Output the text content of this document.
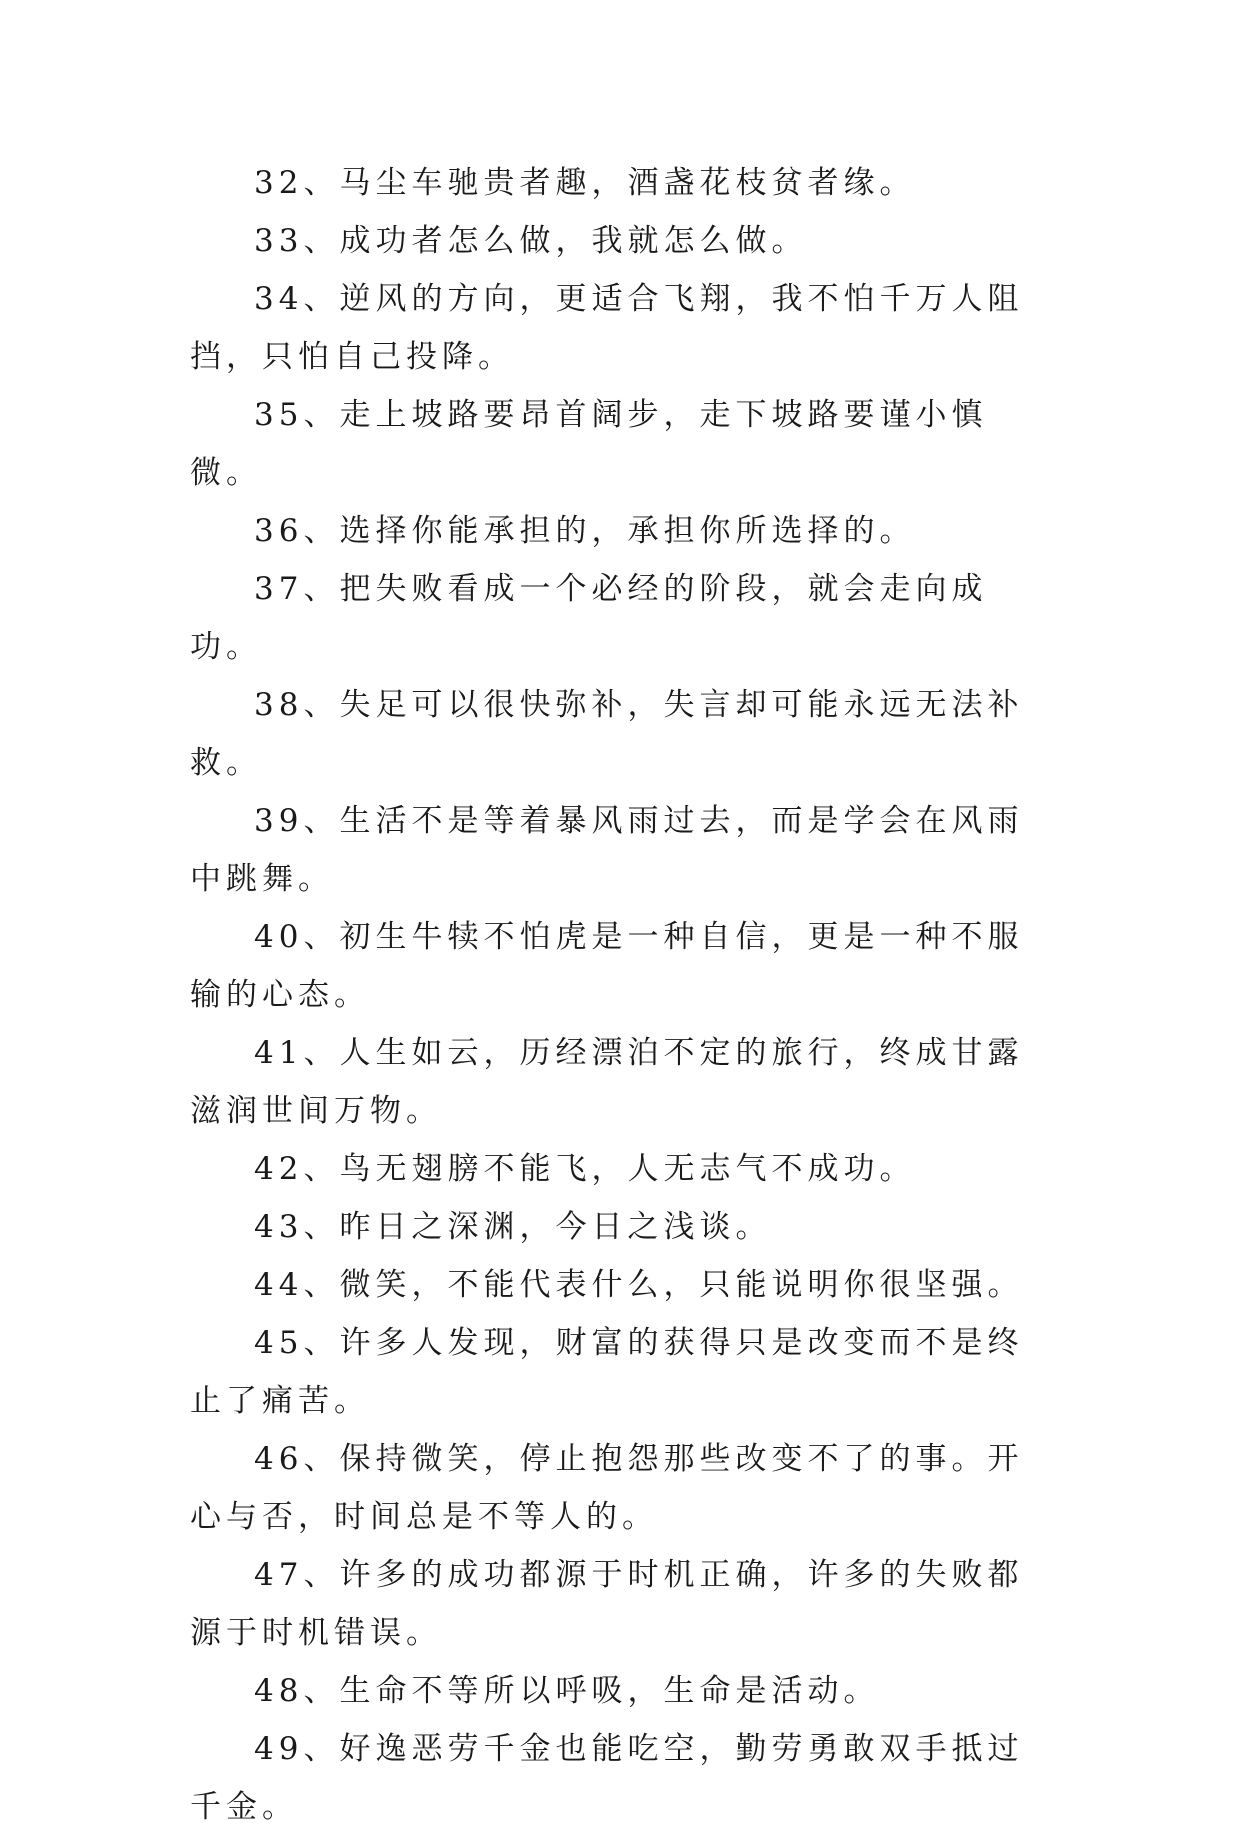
32、马尘车驰贵者趣，酒盏花枝贫者缘。

33、成功者怎么做，我就怎么做。

34、逆风的方向，更适合飞翔，我不怕千万人阻挡，只怕自己投降。

35、走上坡路要昂首阔步，走下坡路要谨小慎微。

36、选择你能承担的，承担你所选择的。

37、把失败看成一个必经的阶段，就会走向成功。

38、失足可以很快弥补，失言却可能永远无法补救。

39、生活不是等着暴风雨过去，而是学会在风雨中跳舞。

40、初生牛犊不怕虎是一种自信，更是一种不服输的心态。

41、人生如云，历经漂泊不定的旅行，终成甘露滋润世间万物。

42、鸟无翅膀不能飞，人无志气不成功。

43、昨日之深渊，今日之浅谈。

44、微笑，不能代表什么，只能说明你很坚强。

45、许多人发现，财富的获得只是改变而不是终止了痛苦。

46、保持微笑，停止抱怨那些改变不了的事。开心与否，时间总是不等人的。

47、许多的成功都源于时机正确，许多的失败都源于时机错误。

48、生命不等所以呼吸，生命是活动。

49、好逸恶劳千金也能吃空，勤劳勇敢双手抵过千金。
